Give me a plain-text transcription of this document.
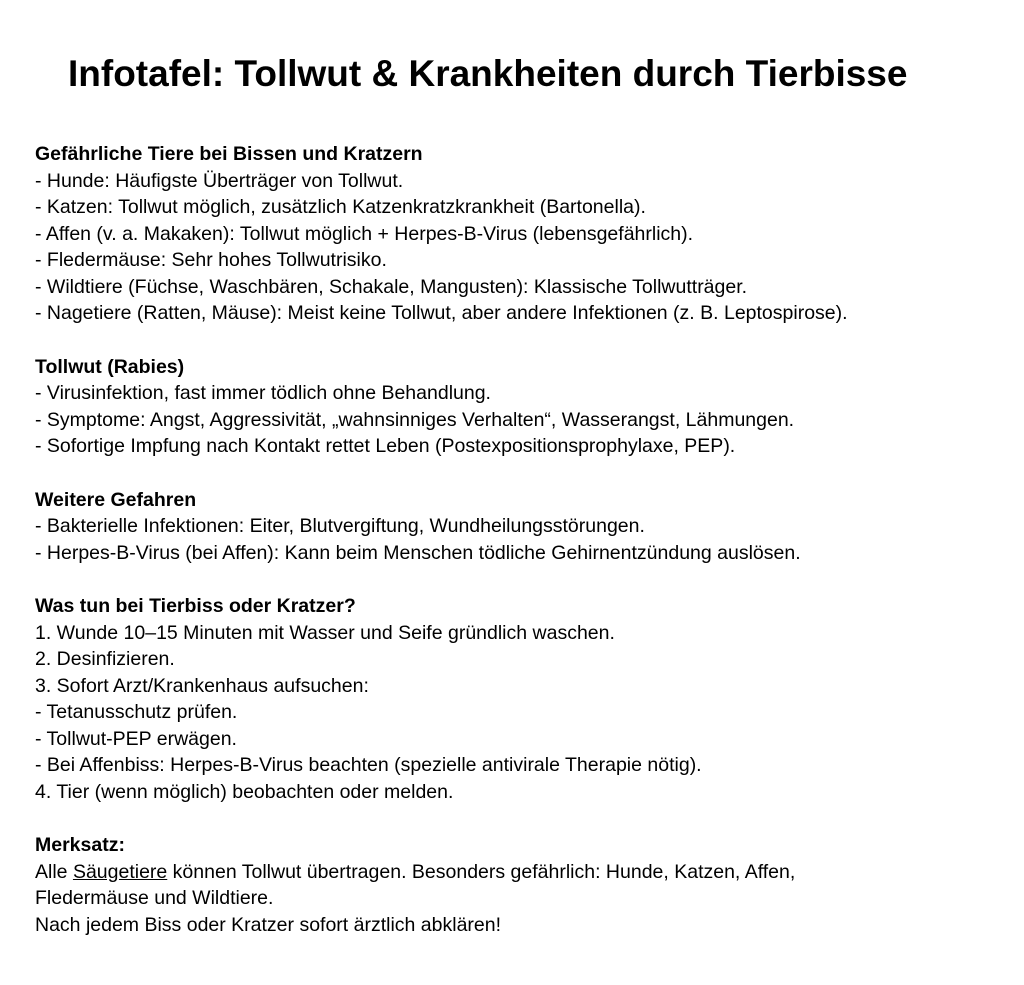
Infotafel: Tollwut & Krankheiten durch Tierbisse

Gefährliche Tiere bei Bissen und Kratzern

- Hunde: Häufigste Überträger von Tollwut.

- Katzen: Tollwut möglich, zusätzlich Katzenkratzkrankheit (Bartonella).

- Affen (v. a. Makaken): Tollwut möglich + Herpes-B-Virus (lebensgefährlich).

- Fledermäuse: Sehr hohes Tollwutrisiko.

- Wildtiere (Füchse, Waschbären, Schakale, Mangusten): Klassische Tollwutträger.

- Nagetiere (Ratten, Mäuse): Meist keine Tollwut, aber andere Infektionen (z. B. Leptospirose).

Tollwut (Rabies)

- Virusinfektion, fast immer tödlich ohne Behandlung.

- Symptome: Angst, Aggressivität, „wahnsinniges Verhalten“, Wasserangst, Lähmungen.

- Sofortige Impfung nach Kontakt rettet Leben (Postexpositionsprophylaxe, PEP).

Weitere Gefahren

- Bakterielle Infektionen: Eiter, Blutvergiftung, Wundheilungsstörungen.

- Herpes-B-Virus (bei Affen): Kann beim Menschen tödliche Gehirnentzündung auslösen.

Was tun bei Tierbiss oder Kratzer?

1. Wunde 10–15 Minuten mit Wasser und Seife gründlich waschen.

2. Desinfizieren.

3. Sofort Arzt/Krankenhaus aufsuchen:

- Tetanusschutz prüfen.

- Tollwut-PEP erwägen.

- Bei Affenbiss: Herpes-B-Virus beachten (spezielle antivirale Therapie nötig).

4. Tier (wenn möglich) beobachten oder melden.

Merksatz:

Alle Säugetiere können Tollwut übertragen. Besonders gefährlich: Hunde, Katzen, Affen,

Fledermäuse und Wildtiere.

Nach jedem Biss oder Kratzer sofort ärztlich abklären!
